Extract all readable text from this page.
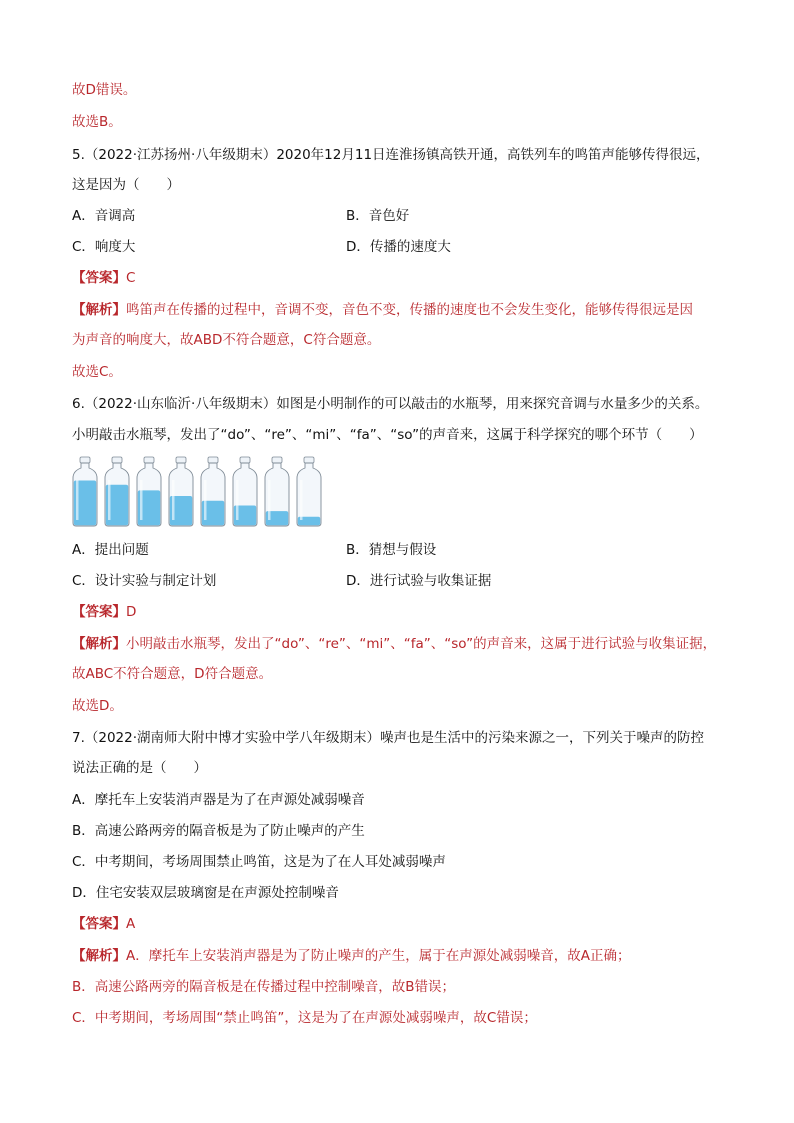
故D错误。
故选B。
5.（2022·江苏扬州·八年级期末）2020年12月11日连淮扬镇高铁开通，高铁列车的鸣笛声能够传得很远，
这是因为（　　）
A．音调高	B．音色好
C．响度大	D．传播的速度大
【答案】C
【解析】鸣笛声在传播的过程中，音调不变，音色不变，传播的速度也不会发生变化，能够传得很远是因
为声音的响度大，故ABD不符合题意，C符合题意。
故选C。
6.（2022·山东临沂·八年级期末）如图是小明制作的可以敲击的水瓶琴，用来探究音调与水量多少的关系。
小明敲击水瓶琴，发出了“do”、“re”、“mi”、“fa”、“so”的声音来，这属于科学探究的哪个环节（　　）
A．提出问题	B．猜想与假设
C．设计实验与制定计划	D．进行试验与收集证据
【答案】D
【解析】小明敲击水瓶琴，发出了“do”、“re”、“mi”、“fa”、“so”的声音来，这属于进行试验与收集证据，
故ABC不符合题意，D符合题意。
故选D。
7.（2022·湖南师大附中博才实验中学八年级期末）噪声也是生活中的污染来源之一，下列关于噪声的防控
说法正确的是（　　）
A．摩托车上安装消声器是为了在声源处减弱噪音
B．高速公路两旁的隔音板是为了防止噪声的产生
C．中考期间，考场周围禁止鸣笛，这是为了在人耳处减弱噪声
D．住宅安装双层玻璃窗是在声源处控制噪音
【答案】A
【解析】A．摩托车上安装消声器是为了防止噪声的产生，属于在声源处减弱噪音，故A正确；
B．高速公路两旁的隔音板是在传播过程中控制噪音，故B错误；
C．中考期间，考场周围“禁止鸣笛”，这是为了在声源处减弱噪声，故C错误；
